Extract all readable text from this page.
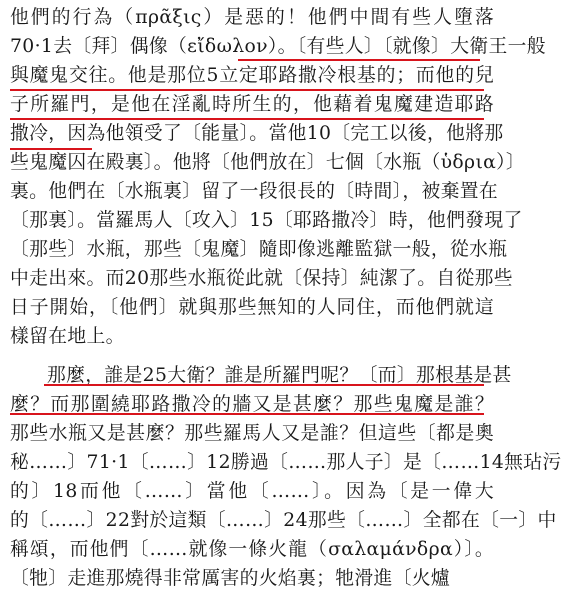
他們的行為（πρᾶξις）是惡的！他們中間有些人墮落
70·1去〔拜〕偶像（εἴδωλον）。〔有些人〕〔就像〕大衛王一般
與魔鬼交往。他是那位5立定耶路撒冷根基的；而他的兒
子所羅門，是他在淫亂時所生的，他藉着鬼魔建造耶路
撒冷，因為他領受了〔能量〕。當他10〔完工以後，他將那
些鬼魔囚在殿裏〕。他將〔他們放在〕七個〔水瓶（ὑδρια）〕
裏。他們在〔水瓶裏〕留了一段很長的〔時間〕，被棄置在
〔那裏〕。當羅馬人〔攻入〕15〔耶路撒冷〕時，他們發現了
〔那些〕水瓶，那些〔鬼魔〕隨即像逃離監獄一般，從水瓶
中走出來。而20那些水瓶從此就〔保持〕純潔了。自從那些
日子開始，〔他們〕就與那些無知的人同住，而他們就這
樣留在地上。
那麼，誰是25大衛？誰是所羅門呢？〔而〕那根基是甚
麼？而那圍繞耶路撒冷的牆又是甚麼？那些鬼魔是誰？
那些水瓶又是甚麼？那些羅馬人又是誰？但這些〔都是奧
秘……〕71·1〔……〕12勝過〔……那人子〕是〔……14無玷污
的〕18而他〔……〕當他〔……〕。因為〔是一偉大
的〔……〕22對於這類〔……〕24那些〔……〕全都在〔一〕中
稱頌，而他們〔……就像一條火龍（σαλαμάνδρα）〕。
〔牠〕走進那燒得非常厲害的火焰裏；牠滑進〔火爐
